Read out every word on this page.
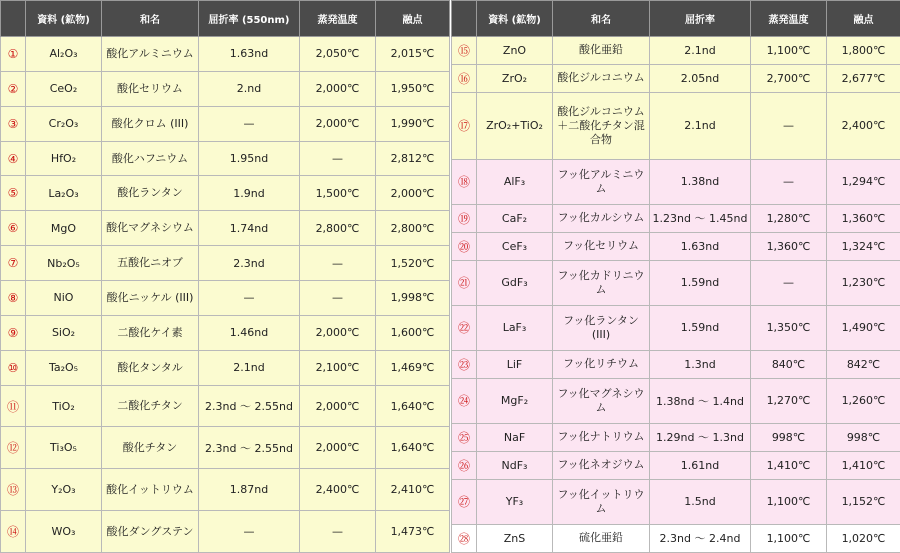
	資料 (鉱物)	和名	屈折率 (550nm)	蒸発温度	融点
①	Al₂O₃	酸化アルミニウム	1.63nd	2,050℃	2,015℃
②	CeO₂	酸化セリウム	2.nd	2,000℃	1,950℃
③	Cr₂O₃	酸化クロム (III)	—	2,000℃	1,990℃
④	HfO₂	酸化ハフニウム	1.95nd	—	2,812℃
⑤	La₂O₃	酸化ランタン	1.9nd	1,500℃	2,000℃
⑥	MgO	酸化マグネシウム	1.74nd	2,800℃	2,800℃
⑦	Nb₂O₅	五酸化ニオブ	2.3nd	—	1,520℃
⑧	NiO	酸化ニッケル (III)	—	—	1,998℃
⑨	SiO₂	二酸化ケイ素	1.46nd	2,000℃	1,600℃
⑩	Ta₂O₅	酸化タンタル	2.1nd	2,100℃	1,469℃
⑪	TiO₂	二酸化チタン	2.3nd 〜 2.55nd	2,000℃	1,640℃
⑫	Ti₃O₅	酸化チタン	2.3nd 〜 2.55nd	2,000℃	1,640℃
⑬	Y₂O₃	酸化イットリウム	1.87nd	2,400℃	2,410℃
⑭	WO₃	酸化ダングステン	—	—	1,473℃
	資料 (鉱物)	和名	屈折率	蒸発温度	融点
⑮	ZnO	酸化亜鉛	2.1nd	1,100℃	1,800℃
⑯	ZrO₂	酸化ジルコニウム	2.05nd	2,700℃	2,677℃
⑰	ZrO₂+TiO₂	酸化ジルコニウム＋二酸化チタン混合物	2.1nd	—	2,400℃
⑱	AlF₃	フッ化アルミニウム	1.38nd	—	1,294℃
⑲	CaF₂	フッ化カルシウム	1.23nd 〜 1.45nd	1,280℃	1,360℃
⑳	CeF₃	フッ化セリウム	1.63nd	1,360℃	1,324℃
㉑	GdF₃	フッ化カドリニウム	1.59nd	—	1,230℃
㉒	LaF₃	フッ化ランタン (III)	1.59nd	1,350℃	1,490℃
㉓	LiF	フッ化リチウム	1.3nd	840℃	842℃
㉔	MgF₂	フッ化マグネシウム	1.38nd 〜 1.4nd	1,270℃	1,260℃
㉕	NaF	フッ化ナトリウム	1.29nd 〜 1.3nd	998℃	998℃
㉖	NdF₃	フッ化ネオジウム	1.61nd	1,410℃	1,410℃
㉗	YF₃	フッ化イットリウム	1.5nd	1,100℃	1,152℃
㉘	ZnS	硫化亜鉛	2.3nd 〜 2.4nd	1,100℃	1,020℃
